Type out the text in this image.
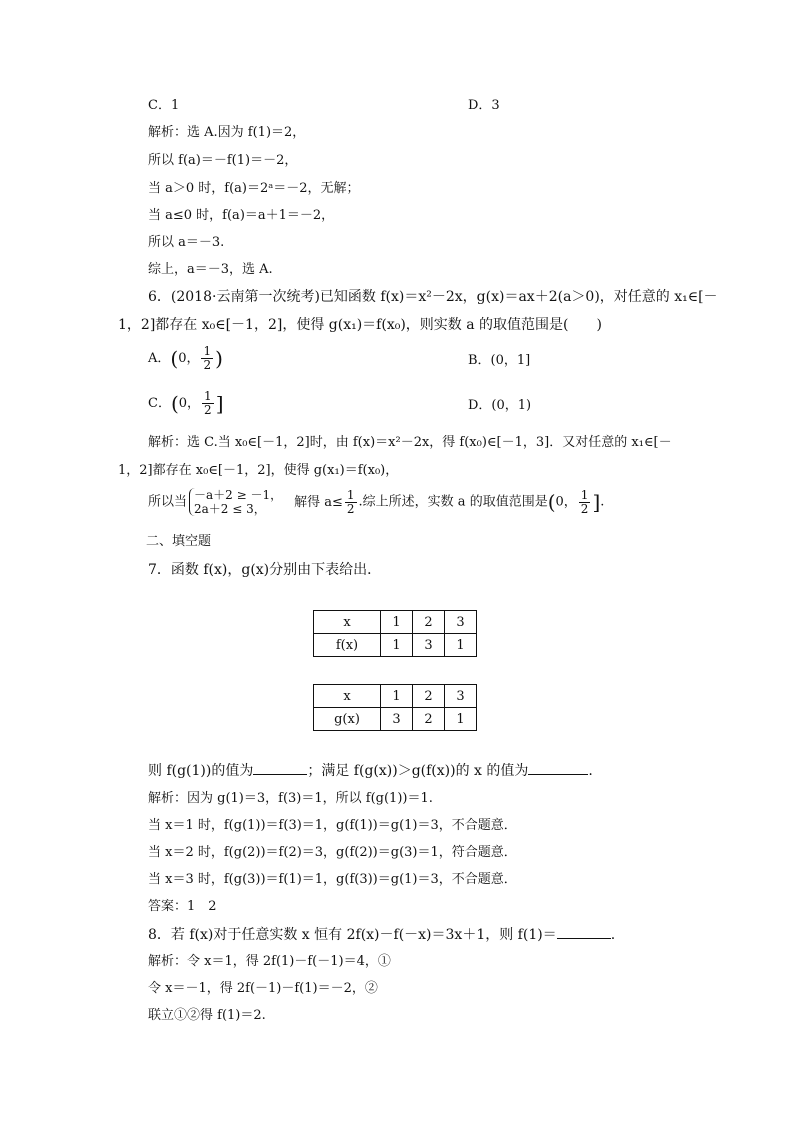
C．1	D．3
解析：选 A.因为 f(1)＝2，
所以 f(a)＝－f(1)＝－2，
当 a＞0 时，f(a)＝2ᵃ＝－2，无解；
当 a≤0 时，f(a)＝a＋1＝－2，
所以 a＝－3.
综上，a＝－3，选 A.
6．(2018·云南第一次统考)已知函数 f(x)＝x²－2x，g(x)＝ax＋2(a＞0)，对任意的 x₁∈[－
1，2]都存在 x₀∈[－1，2]，使得 g(x₁)＝f(x₀)，则实数 a 的取值范围是(　　)
A．(0， $\frac{1}{2}$ )	B．(0，1]
C．(0， $\frac{1}{2}$ ]	D．(0，1)
解析：选 C.当 x₀∈[－1，2]时，由 f(x)＝x²－2x，得 f(x₀)∈[－1，3]．又对任意的 x₁∈[－
1，2]都存在 x₀∈[－1，2]，使得 g(x₁)＝f(x₀)，
所以当 －a＋2 ≥ －1，
2a＋2 ≤ 3，	解得 $a\le \frac{1}{2}$ .综上所述，实数 a 的取值范围是(0， $\frac{1}{2}$ ].
二、填空题
7．函数 f(x)，g(x)分别由下表给出．
x	1	2	3
f(x)	1	3	1
x	1	2	3
g(x)	3	2	1
则 f(g(1))的值为	；满足 f(g(x))＞g(f(x))的 x 的值为	.
解析：因为 g(1)＝3，f(3)＝1，所以 f(g(1))＝1.
当 x＝1 时，f(g(1))＝f(3)＝1，g(f(1))＝g(1)＝3，不合题意．
当 x＝2 时，f(g(2))＝f(2)＝3，g(f(2))＝g(3)＝1，符合题意．
当 x＝3 时，f(g(3))＝f(1)＝1，g(f(3))＝g(1)＝3，不合题意．
答案：1　2
8．若 f(x)对于任意实数 x 恒有 2f(x)－f(－x)＝3x＋1，则 f(1)＝	.
解析：令 x＝1，得 2f(1)－f(－1)＝4，①
令 x＝－1，得 2f(－1)－f(1)＝－2，②
联立①②得 f(1)＝2.
